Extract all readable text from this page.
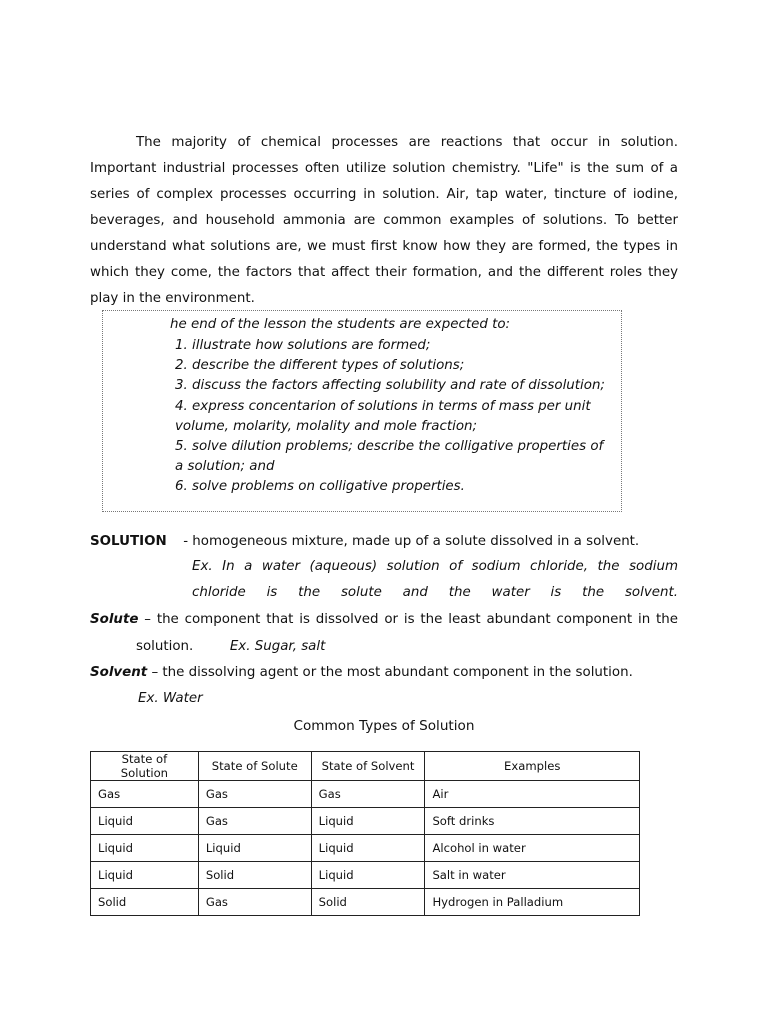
The majority of chemical processes are reactions that occur in solution. Important industrial processes often utilize solution chemistry. "Life" is the sum of a series of complex processes occurring in solution. Air, tap water, tincture of iodine, beverages, and household ammonia are common examples of solutions. To better understand what solutions are, we must first know how they are formed, the types in which they come, the factors that affect their formation, and the different roles they play in the environment.

he end of the lesson the students are expected to:

1. illustrate how solutions are formed;
2. describe the different types of solutions;
3. discuss the factors affecting solubility and rate of dissolution;
4. express concentarion of solutions in terms of mass per unit volume, molarity, molality and mole fraction;
5. solve dilution problems; describe the colligative properties of a solution; and
6. solve problems on colligative properties.

SOLUTION - homogeneous mixture, made up of a solute dissolved in a solvent.

Ex. In a water (aqueous) solution of sodium chloride, the sodium chloride is the solute and the water is the solvent.

Solute – the component that is dissolved or is the least abundant component in the

solution.	Ex. Sugar, salt

Solvent – the dissolving agent or the most abundant component in the solution.

Ex. Water

Common Types of Solution

State of Solution	State of Solute	State of Solvent	Examples
Gas	Gas	Gas	Air
Liquid	Gas	Liquid	Soft drinks
Liquid	Liquid	Liquid	Alcohol in water
Liquid	Solid	Liquid	Salt in water
Solid	Gas	Solid	Hydrogen in Palladium
